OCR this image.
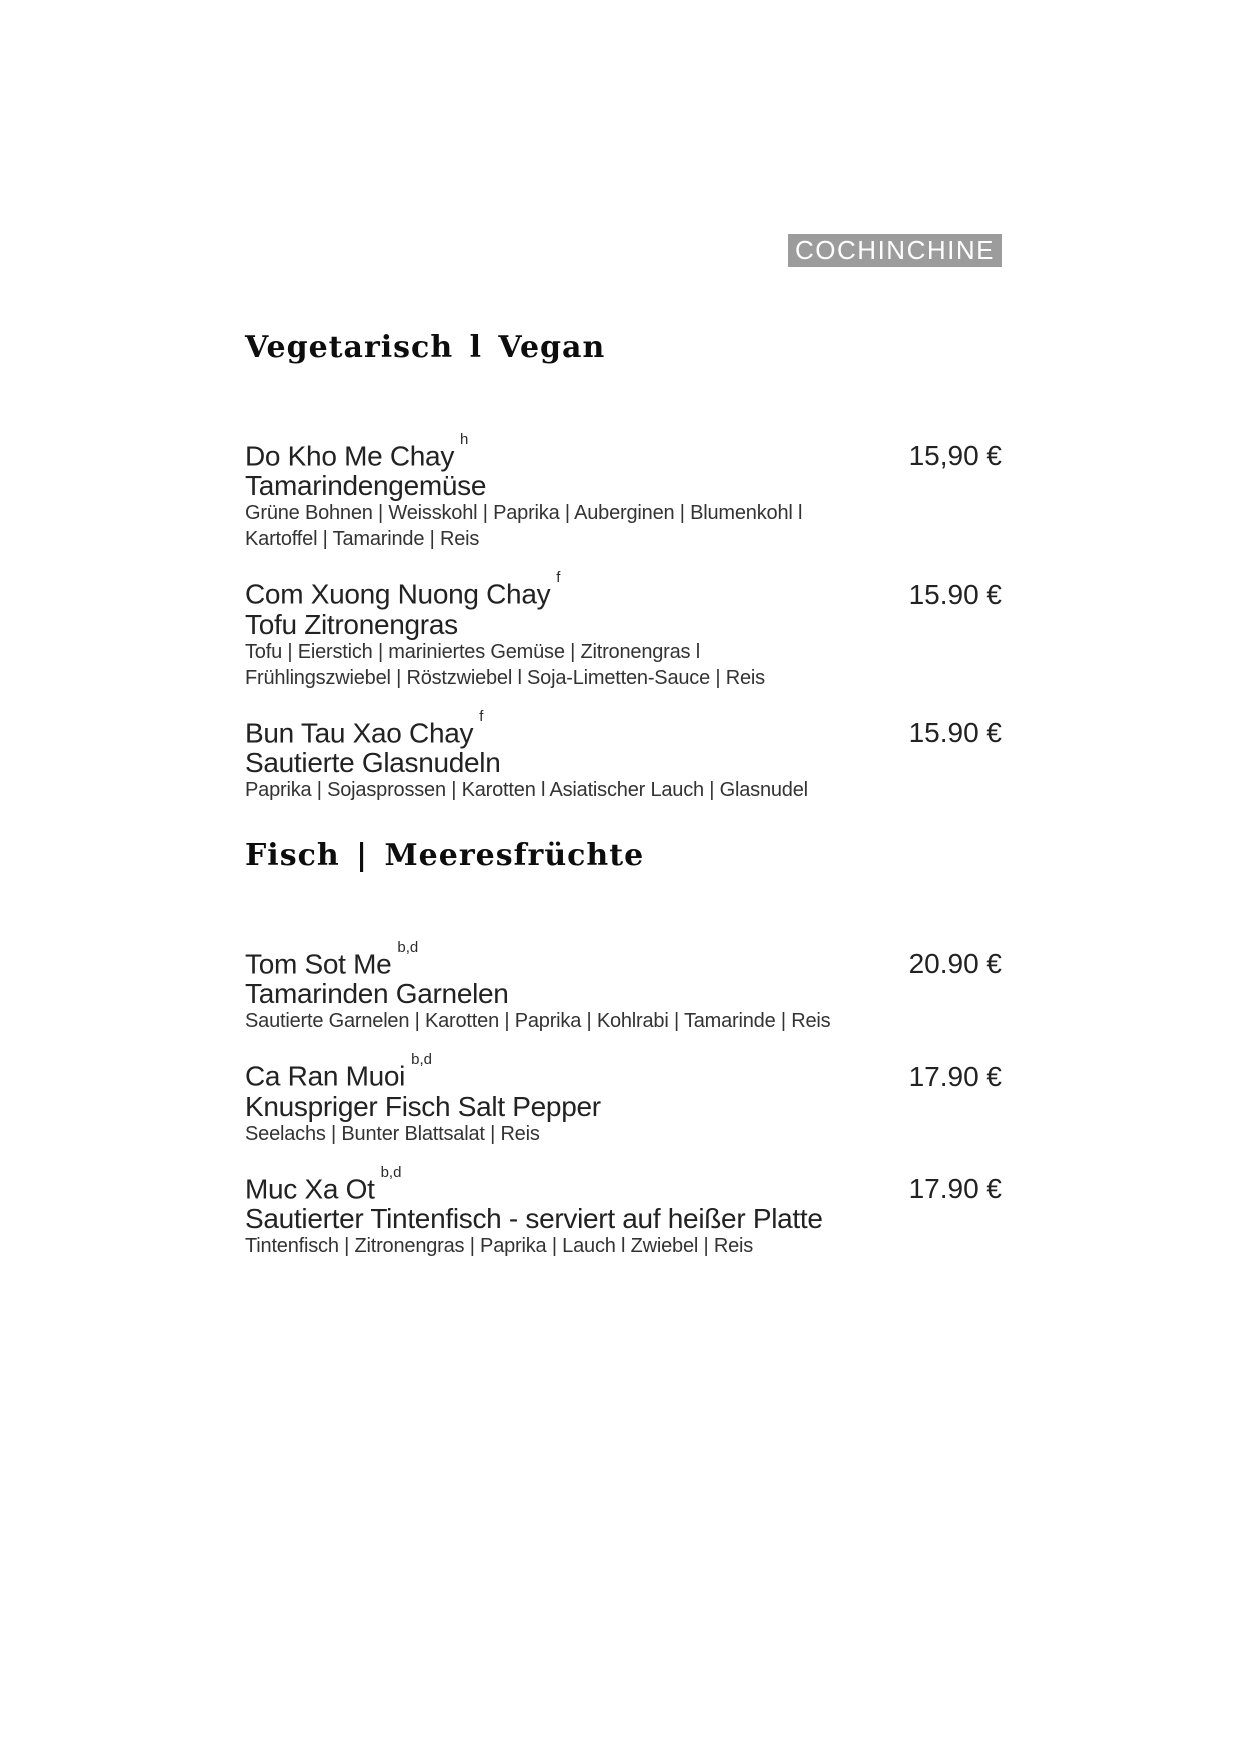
COCHINCHINE
Vegetarisch l Vegan
Do Kho Me Chay$^h$
15,90 €
Tamarindengemüse
Grüne Bohnen | Weisskohl | Paprika | Auberginen | Blumenkohl l
Kartoffel | Tamarinde | Reis
Com Xuong Nuong Chay$^f$
15.90 €
Tofu Zitronengras
Tofu | Eierstich | mariniertes Gemüse | Zitronengras l
Frühlingszwiebel | Röstzwiebel l Soja-Limetten-Sauce | Reis
Bun Tau Xao Chay$^f$
15.90 €
Sautierte Glasnudeln
Paprika | Sojasprossen | Karotten l Asiatischer Lauch | Glasnudel
Fisch | Meeresfrüchte
Tom Sot Me$^{b,d}$
20.90 €
Tamarinden Garnelen
Sautierte Garnelen | Karotten | Paprika | Kohlrabi | Tamarinde | Reis
Ca Ran Muoi$^{b,d}$
17.90 €
Knuspriger Fisch Salt Pepper
Seelachs | Bunter Blattsalat | Reis
Muc Xa Ot$^{b,d}$
17.90 €
Sautierter Tintenfisch - serviert auf heißer Platte
Tintenfisch | Zitronengras | Paprika | Lauch l Zwiebel | Reis
